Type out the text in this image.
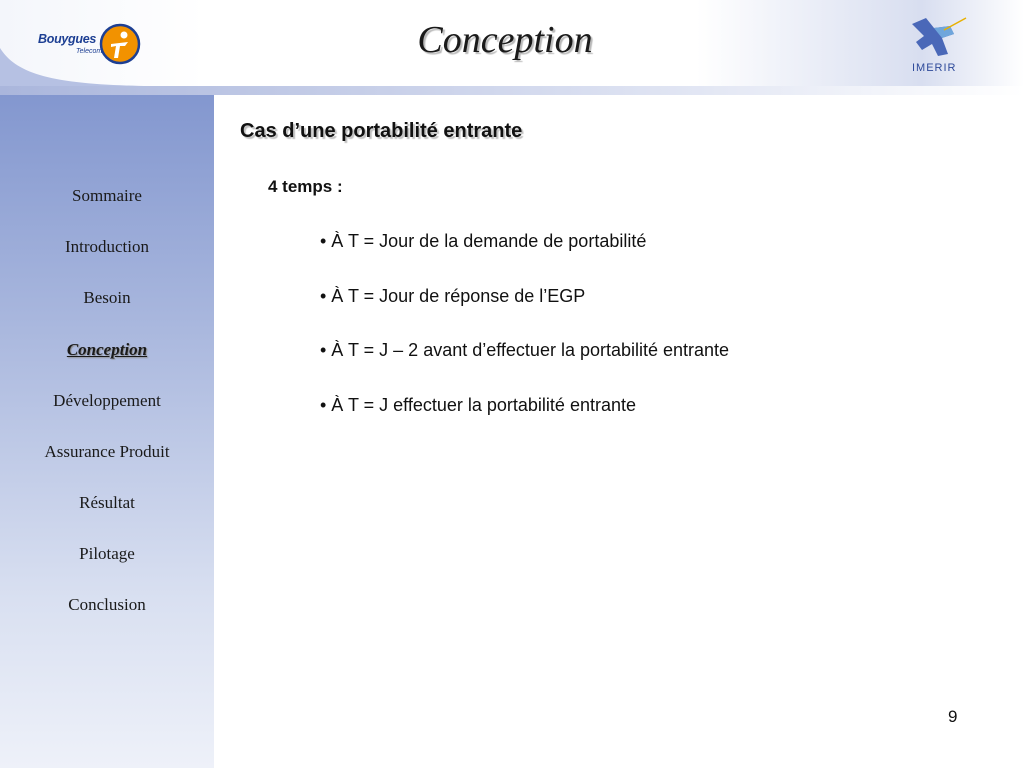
Bouygues
Telecom	Conception
IMERIR
Sommaire
Introduction
Besoin
Conception
Développement
Assurance Produit
Résultat
Pilotage
Conclusion
Cas d’une portabilité entrante
4 temps :
• À T = Jour de la demande de portabilité
• À T = Jour de réponse de l’EGP
• À T = J – 2 avant d’effectuer la portabilité entrante
• À T = J effectuer la portabilité entrante
9
